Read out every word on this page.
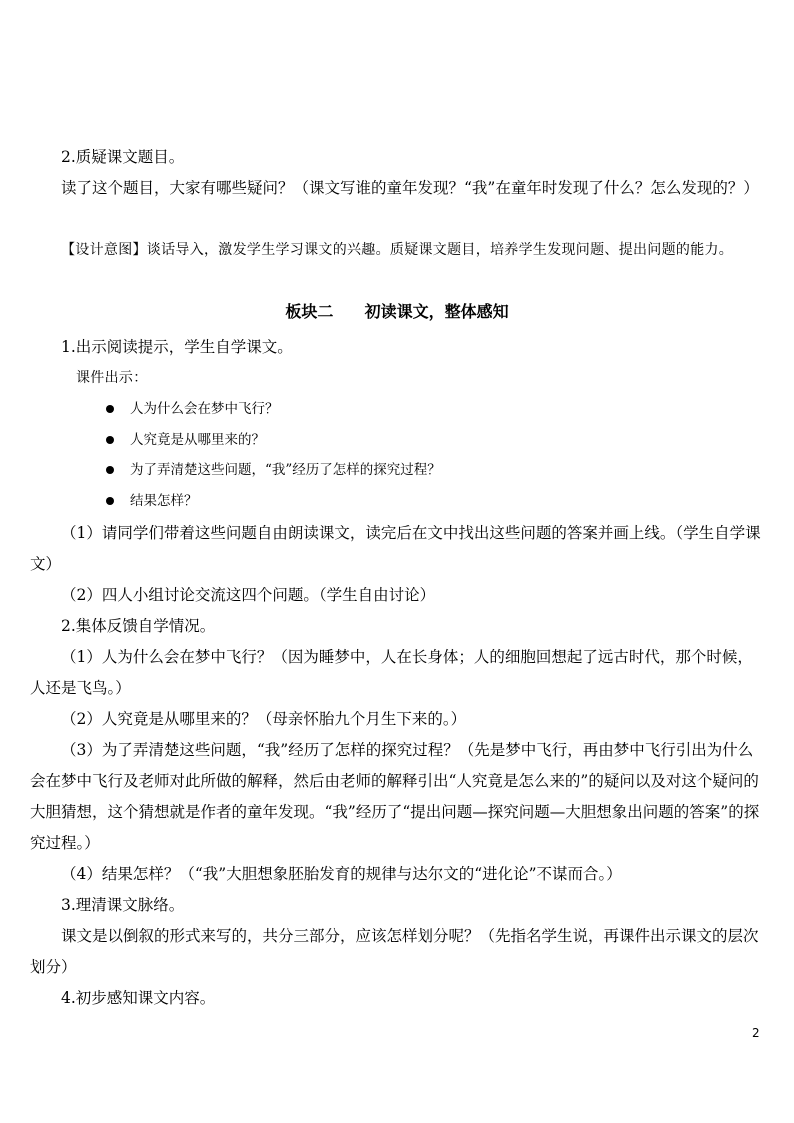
2.质疑课文题目。

读了这个题目，大家有哪些疑问？（课文写谁的童年发现？“我”在童年时发现了什么？怎么发现的？）

【设计意图】谈话导入，激发学生学习课文的兴趣。质疑课文题目，培养学生发现问题、提出问题的能力。

板块二 初读课文，整体感知

1.出示阅读提示，学生自学课文。

课件出示：

人为什么会在梦中飞行？
人究竟是从哪里来的？
为了弄清楚这些问题，“我”经历了怎样的探究过程？
结果怎样？

（1）请同学们带着这些问题自由朗读课文，读完后在文中找出这些问题的答案并画上线。（学生自学课文）

（2）四人小组讨论交流这四个问题。（学生自由讨论）

2.集体反馈自学情况。

（1）人为什么会在梦中飞行？（因为睡梦中，人在长身体；人的细胞回想起了远古时代，那个时候，人还是飞鸟。）

（2）人究竟是从哪里来的？（母亲怀胎九个月生下来的。）

（3）为了弄清楚这些问题，“我”经历了怎样的探究过程？（先是梦中飞行，再由梦中飞行引出为什么会在梦中飞行及老师对此所做的解释，然后由老师的解释引出“人究竟是怎么来的”的疑问以及对这个疑问的大胆猜想，这个猜想就是作者的童年发现。“我”经历了“提出问题—探究问题—大胆想象出问题的答案”的探究过程。）

（4）结果怎样？（“我”大胆想象胚胎发育的规律与达尔文的“进化论”不谋而合。）

3.理清课文脉络。

课文是以倒叙的形式来写的，共分三部分，应该怎样划分呢？（先指名学生说，再课件出示课文的层次划分）

4.初步感知课文内容。

2
